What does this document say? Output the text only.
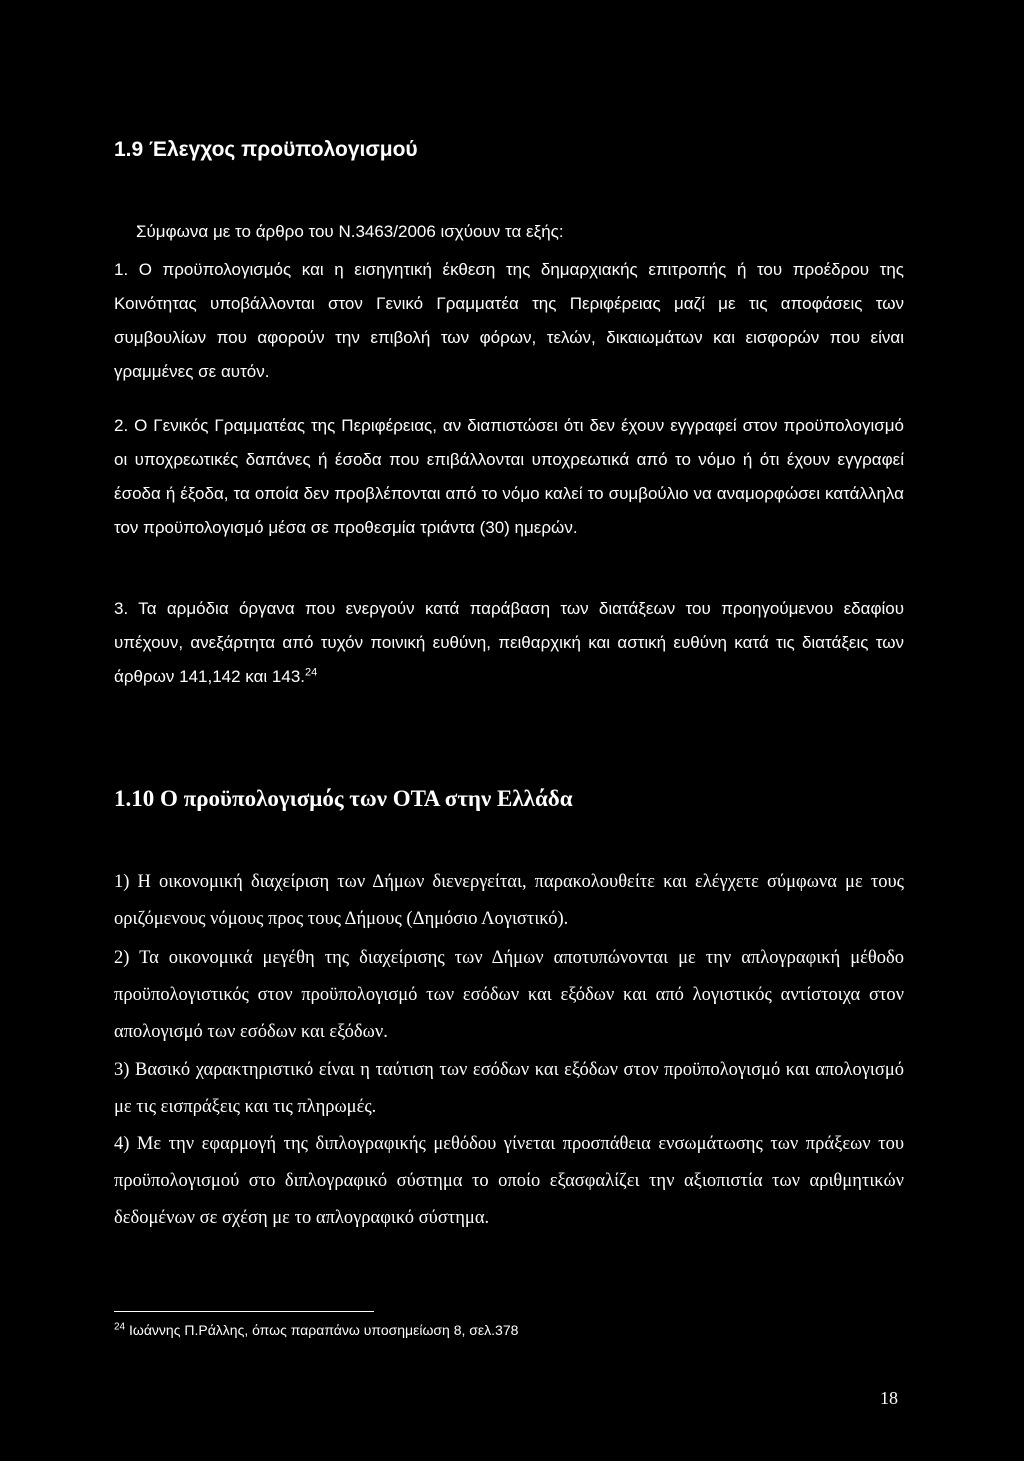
1.9 Έλεγχος προϋπολογισμού
Σύμφωνα με το άρθρο του Ν.3463/2006 ισχύουν τα εξής:

1. Ο προϋπολογισμός και η εισηγητική έκθεση της δημαρχιακής επιτροπής ή του προέδρου της Κοινότητας υποβάλλονται στον Γενικό Γραμματέα της Περιφέρειας μαζί με τις αποφάσεις των συμβουλίων που αφορούν την επιβολή των φόρων, τελών, δικαιωμάτων και εισφορών που είναι γραμμένες σε αυτόν.

2. Ο Γενικός Γραμματέας της Περιφέρειας, αν διαπιστώσει ότι δεν έχουν εγγραφεί στον προϋπολογισμό οι υποχρεωτικές δαπάνες ή έσοδα που επιβάλλονται υποχρεωτικά από το νόμο ή ότι έχουν εγγραφεί έσοδα ή έξοδα, τα οποία δεν προβλέπονται από το νόμο καλεί το συμβούλιο να αναμορφώσει κατάλληλα τον προϋπολογισμό μέσα σε προθεσμία τριάντα (30) ημερών.

3. Τα αρμόδια όργανα που ενεργούν κατά παράβαση των διατάξεων του προηγούμενου εδαφίου υπέχουν, ανεξάρτητα από τυχόν ποινική ευθύνη, πειθαρχική και αστική ευθύνη κατά τις διατάξεις των άρθρων 141,142 και 143.24

1.10 Ο προϋπολογισμός των ΟΤΑ στην Ελλάδα

1) Η οικονομική διαχείριση των Δήμων διενεργείται, παρακολουθείτε και ελέγχετε σύμφωνα με τους οριζόμενους νόμους προς τους Δήμους (Δημόσιο Λογιστικό).

2) Τα οικονομικά μεγέθη της διαχείρισης των Δήμων αποτυπώνονται με την απλογραφική μέθοδο προϋπολογιστικός στον προϋπολογισμό των εσόδων και εξόδων και από λογιστικός αντίστοιχα στον απολογισμό των εσόδων και εξόδων.

3) Βασικό χαρακτηριστικό είναι η ταύτιση των εσόδων και εξόδων στον προϋπολογισμό και απολογισμό με τις εισπράξεις και τις πληρωμές.

4) Με την εφαρμογή της διπλογραφικής μεθόδου γίνεται προσπάθεια ενσωμάτωσης των πράξεων του προϋπολογισμού στο διπλογραφικό σύστημα το οποίο εξασφαλίζει την αξιοπιστία των αριθμητικών δεδομένων σε σχέση με το απλογραφικό σύστημα.

$^{24}$ Ιωάννης Π.Ράλλης, όπως παραπάνω υποσημείωση 8, σελ.378
18
